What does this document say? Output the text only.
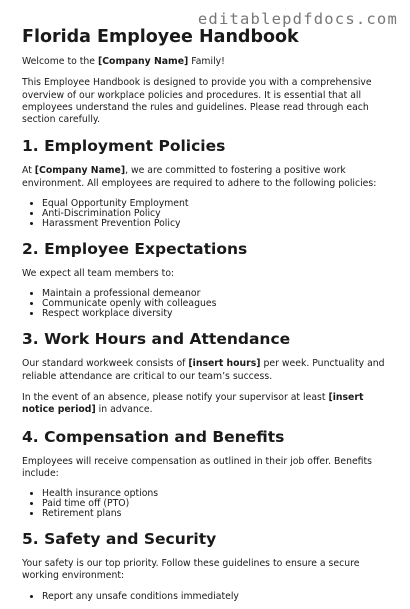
editablepdfdocs.com
Florida Employee Handbook

Welcome to the [Company Name] Family!

This Employee Handbook is designed to provide you with a comprehensive overview of our workplace policies and procedures. It is essential that all employees understand the rules and guidelines. Please read through each section carefully.

1. Employment Policies

At [Company Name], we are committed to fostering a positive work environment. All employees are required to adhere to the following policies:

• Equal Opportunity Employment
• Anti-Discrimination Policy
• Harassment Prevention Policy
2. Employee Expectations

We expect all team members to:

• Maintain a professional demeanor
• Communicate openly with colleagues
• Respect workplace diversity
3. Work Hours and Attendance

Our standard workweek consists of [insert hours] per week. Punctuality and reliable attendance are critical to our team’s success.

In the event of an absence, please notify your supervisor at least [insert notice period] in advance.

4. Compensation and Benefits

Employees will receive compensation as outlined in their job offer. Benefits include:

• Health insurance options
• Paid time off (PTO)
• Retirement plans
5. Safety and Security

Your safety is our top priority. Follow these guidelines to ensure a secure working environment:

• Report any unsafe conditions immediately
